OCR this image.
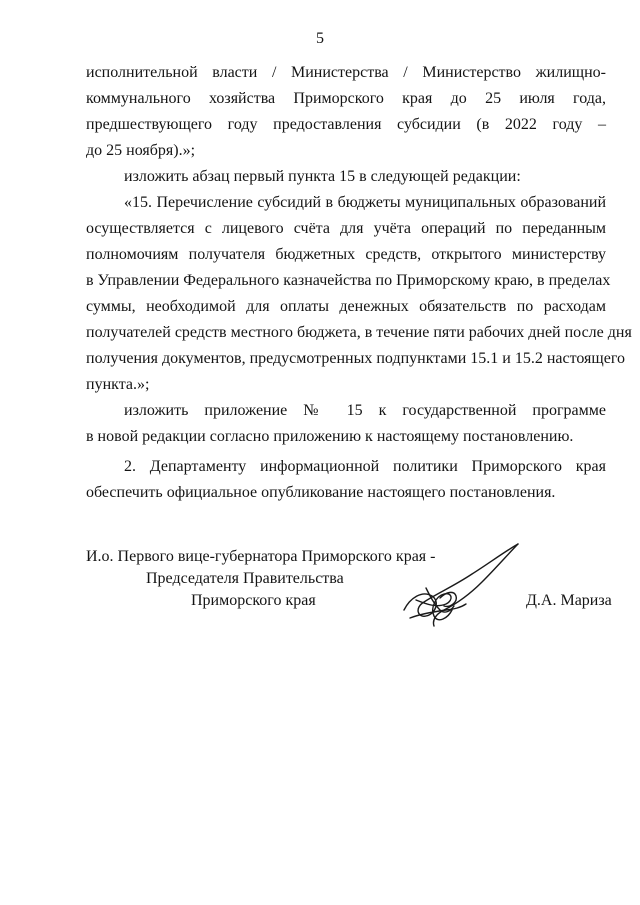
5
исполнительной власти / Министерства / Министерство жилищно-
коммунального хозяйства Приморского края до 25 июля года,
предшествующего году предоставления субсидии (в 2022 году –
до 25 ноября).»;
изложить абзац первый пункта 15 в следующей редакции:
«15. Перечисление субсидий в бюджеты муниципальных образований
осуществляется с лицевого счёта для учёта операций по переданным
полномочиям получателя бюджетных средств, открытого министерству
в Управлении Федерального казначейства по Приморскому краю, в пределах
суммы, необходимой для оплаты денежных обязательств по расходам
получателей средств местного бюджета, в течение пяти рабочих дней после дня
получения документов, предусмотренных подпунктами 15.1 и 15.2 настоящего
пункта.»;
изложить приложение № 15 к государственной программе
в новой редакции согласно приложению к настоящему постановлению.
2. Департаменту информационной политики Приморского края
обеспечить официальное опубликование настоящего постановления.
И.о. Первого вице-губернатора Приморского края -
Председателя Правительства
Приморского края	Д.А. Мариза
